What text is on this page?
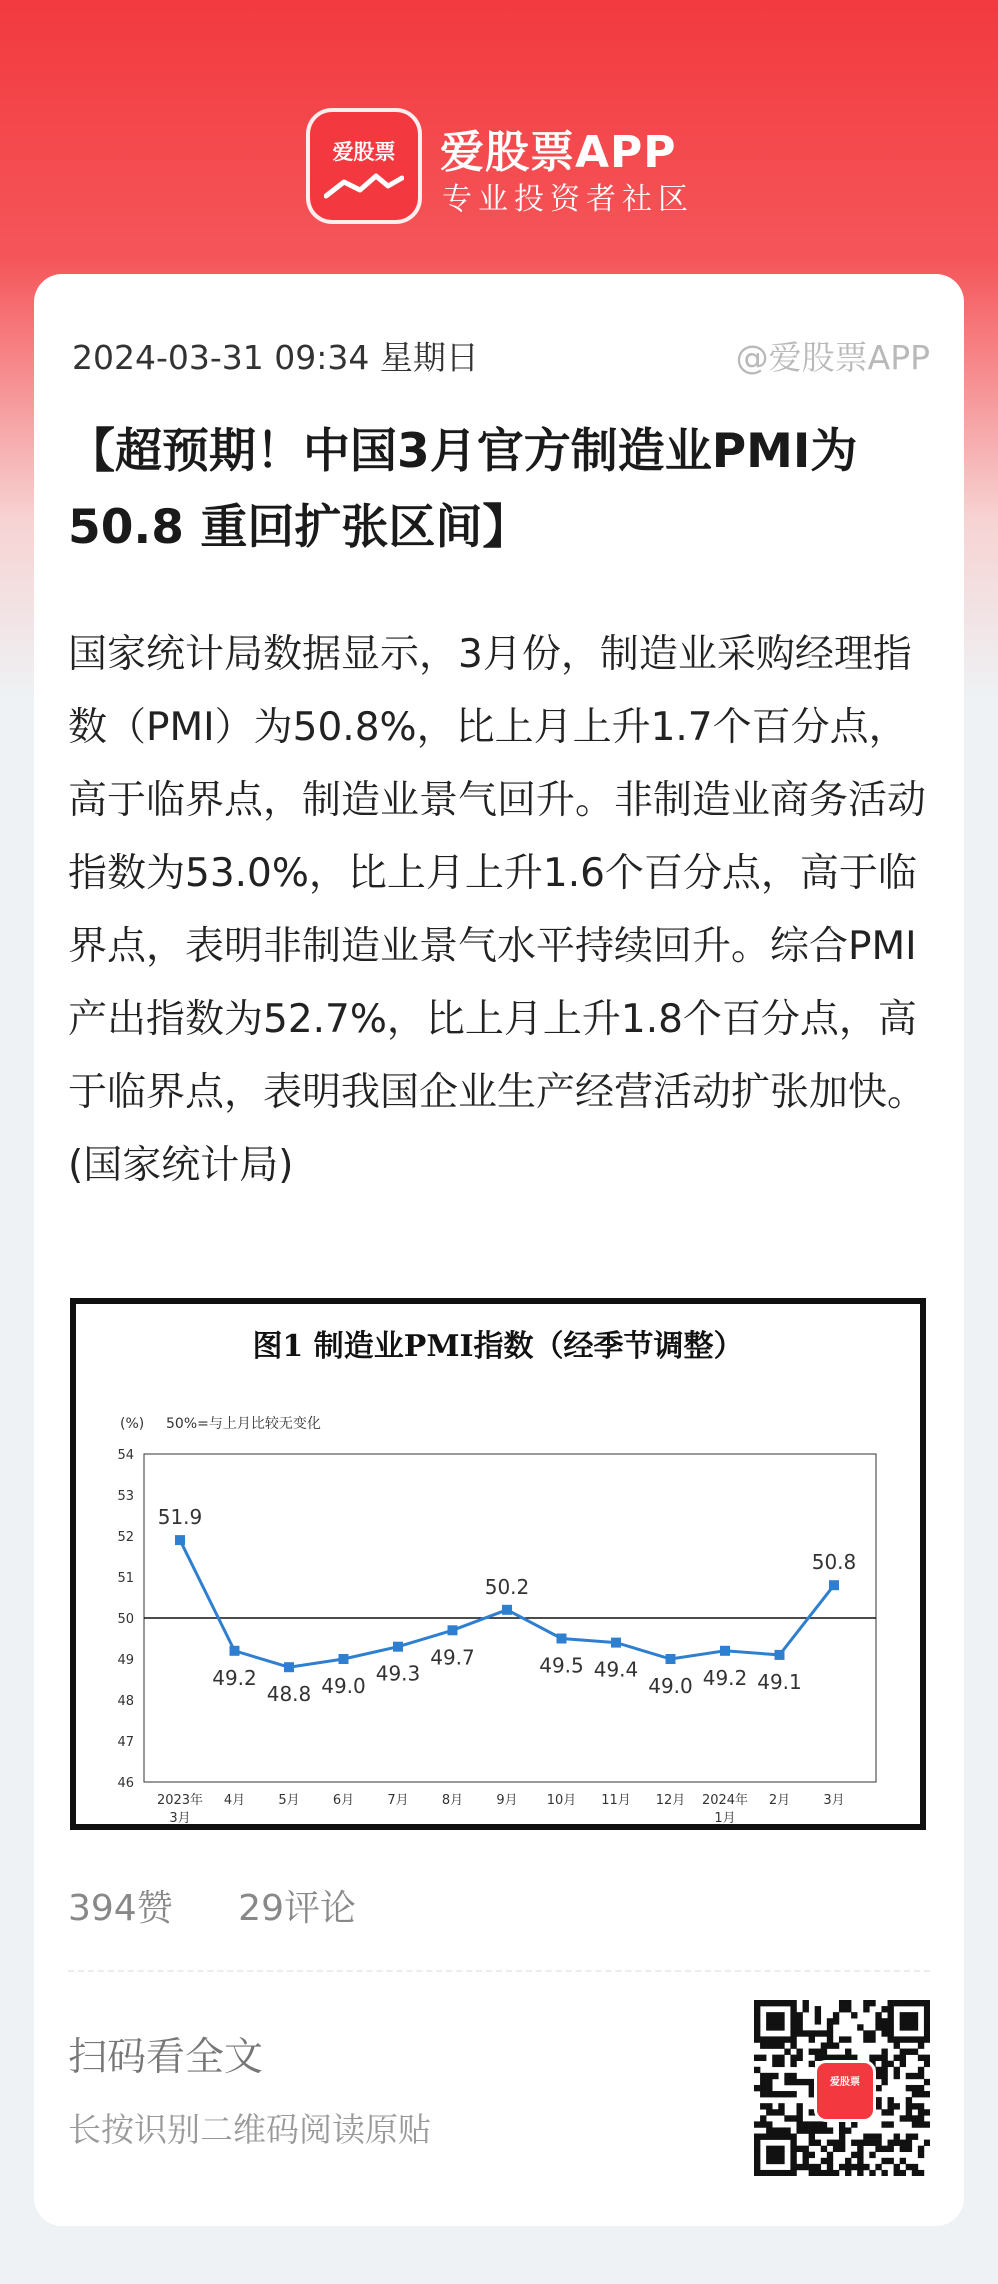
爱股票	爱股票APP
专业投资者社区
2024-03-31 09:34 星期日	@爱股票APP
【超预期！中国3月官方制造业PMI为50.8 重回扩张区间】
国家统计局数据显示，3月份，制造业采购经理指数（PMI）为50.8%，比上月上升1.7个百分点，高于临界点，制造业景气回升。非制造业商务活动指数为53.0%，比上月上升1.6个百分点，高于临界点，表明非制造业景气水平持续回升。综合PMI产出指数为52.7%，比上月上升1.8个百分点，高于临界点，表明我国企业生产经营活动扩张加快。(国家统计局)
图1 制造业PMI指数（经季节调整）
(%) 50%=与上月比较无变化
46
47
48
49
50
51
52
53
54
2023年
3月
4月	5月	6月	7月	8月	9月 10月 11月 12月 2024年
1月
2月	3月
51.9
49.2
48.8 49.0
49.3
49.7
50.2
49.5 49.4
49.0 49.2 49.1
50.8
394赞 29评论
扫码看全文
长按识别二维码阅读原贴
爱股票
